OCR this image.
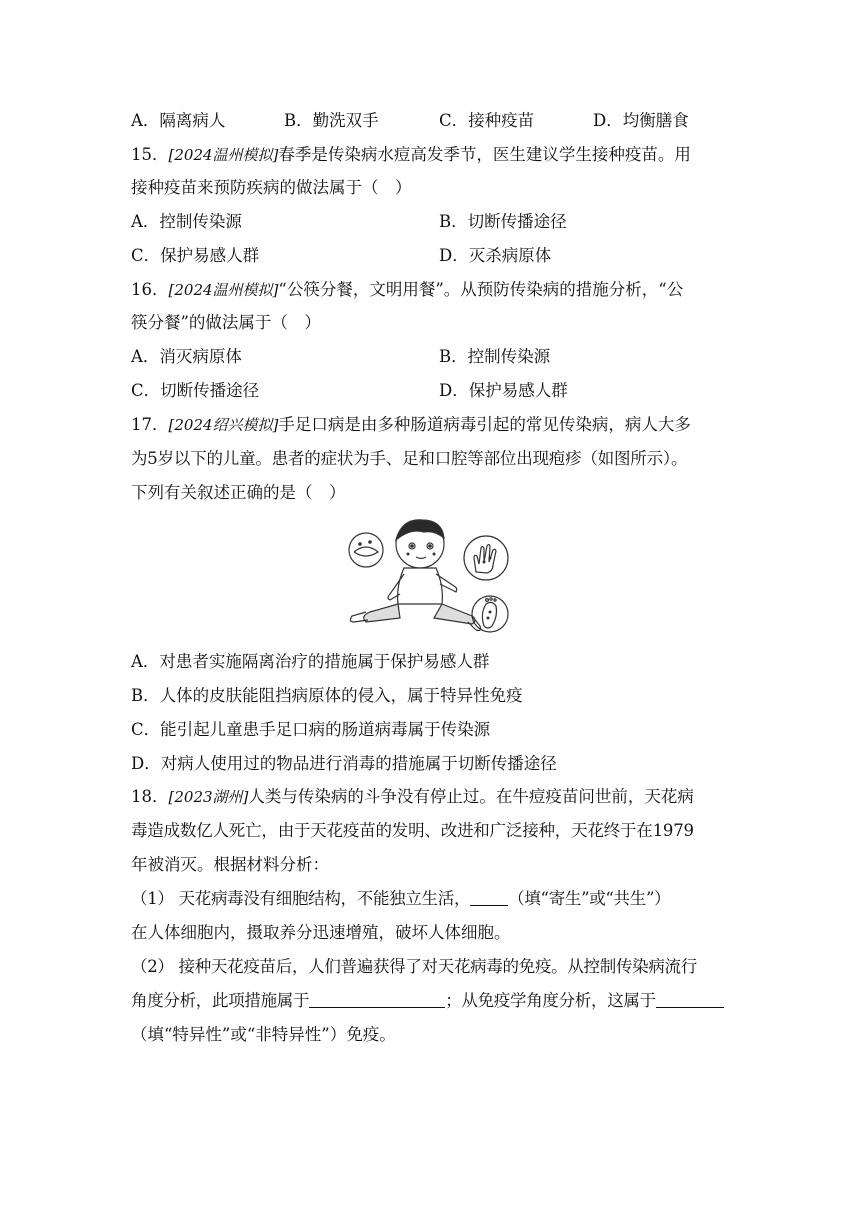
A．隔离病人	B．勤洗双手	C．接种疫苗	D．均衡膳食
15．[2024温州模拟]春季是传染病水痘高发季节，医生建议学生接种疫苗。用
接种疫苗来预防疾病的做法属于（　）
A．控制传染源	B．切断传播途径
C．保护易感人群	D．灭杀病原体
16．[2024温州模拟]“公筷分餐，文明用餐”。从预防传染病的措施分析，“公
筷分餐”的做法属于（　）
A．消灭病原体	B．控制传染源
C．切断传播途径	D．保护易感人群
17．[2024绍兴模拟]手足口病是由多种肠道病毒引起的常见传染病，病人大多
为5岁以下的儿童。患者的症状为手、足和口腔等部位出现疱疹（如图所示）。
下列有关叙述正确的是（　）
A．对患者实施隔离治疗的措施属于保护易感人群
B．人体的皮肤能阻挡病原体的侵入，属于特异性免疫
C．能引起儿童患手足口病的肠道病毒属于传染源
D．对病人使用过的物品进行消毒的措施属于切断传播途径
18．[2023湖州]人类与传染病的斗争没有停止过。在牛痘疫苗问世前，天花病
毒造成数亿人死亡，由于天花疫苗的发明、改进和广泛接种，天花终于在1979
年被消灭。根据材料分析：
（1） 天花病毒没有细胞结构，不能独立生活， （填“寄生”或“共生”）
在人体细胞内，摄取养分迅速增殖，破坏人体细胞。
（2） 接种天花疫苗后，人们普遍获得了对天花病毒的免疫。从控制传染病流行
角度分析，此项措施属于	；从免疫学角度分析，这属于
（填“特异性”或“非特异性”）免疫。
